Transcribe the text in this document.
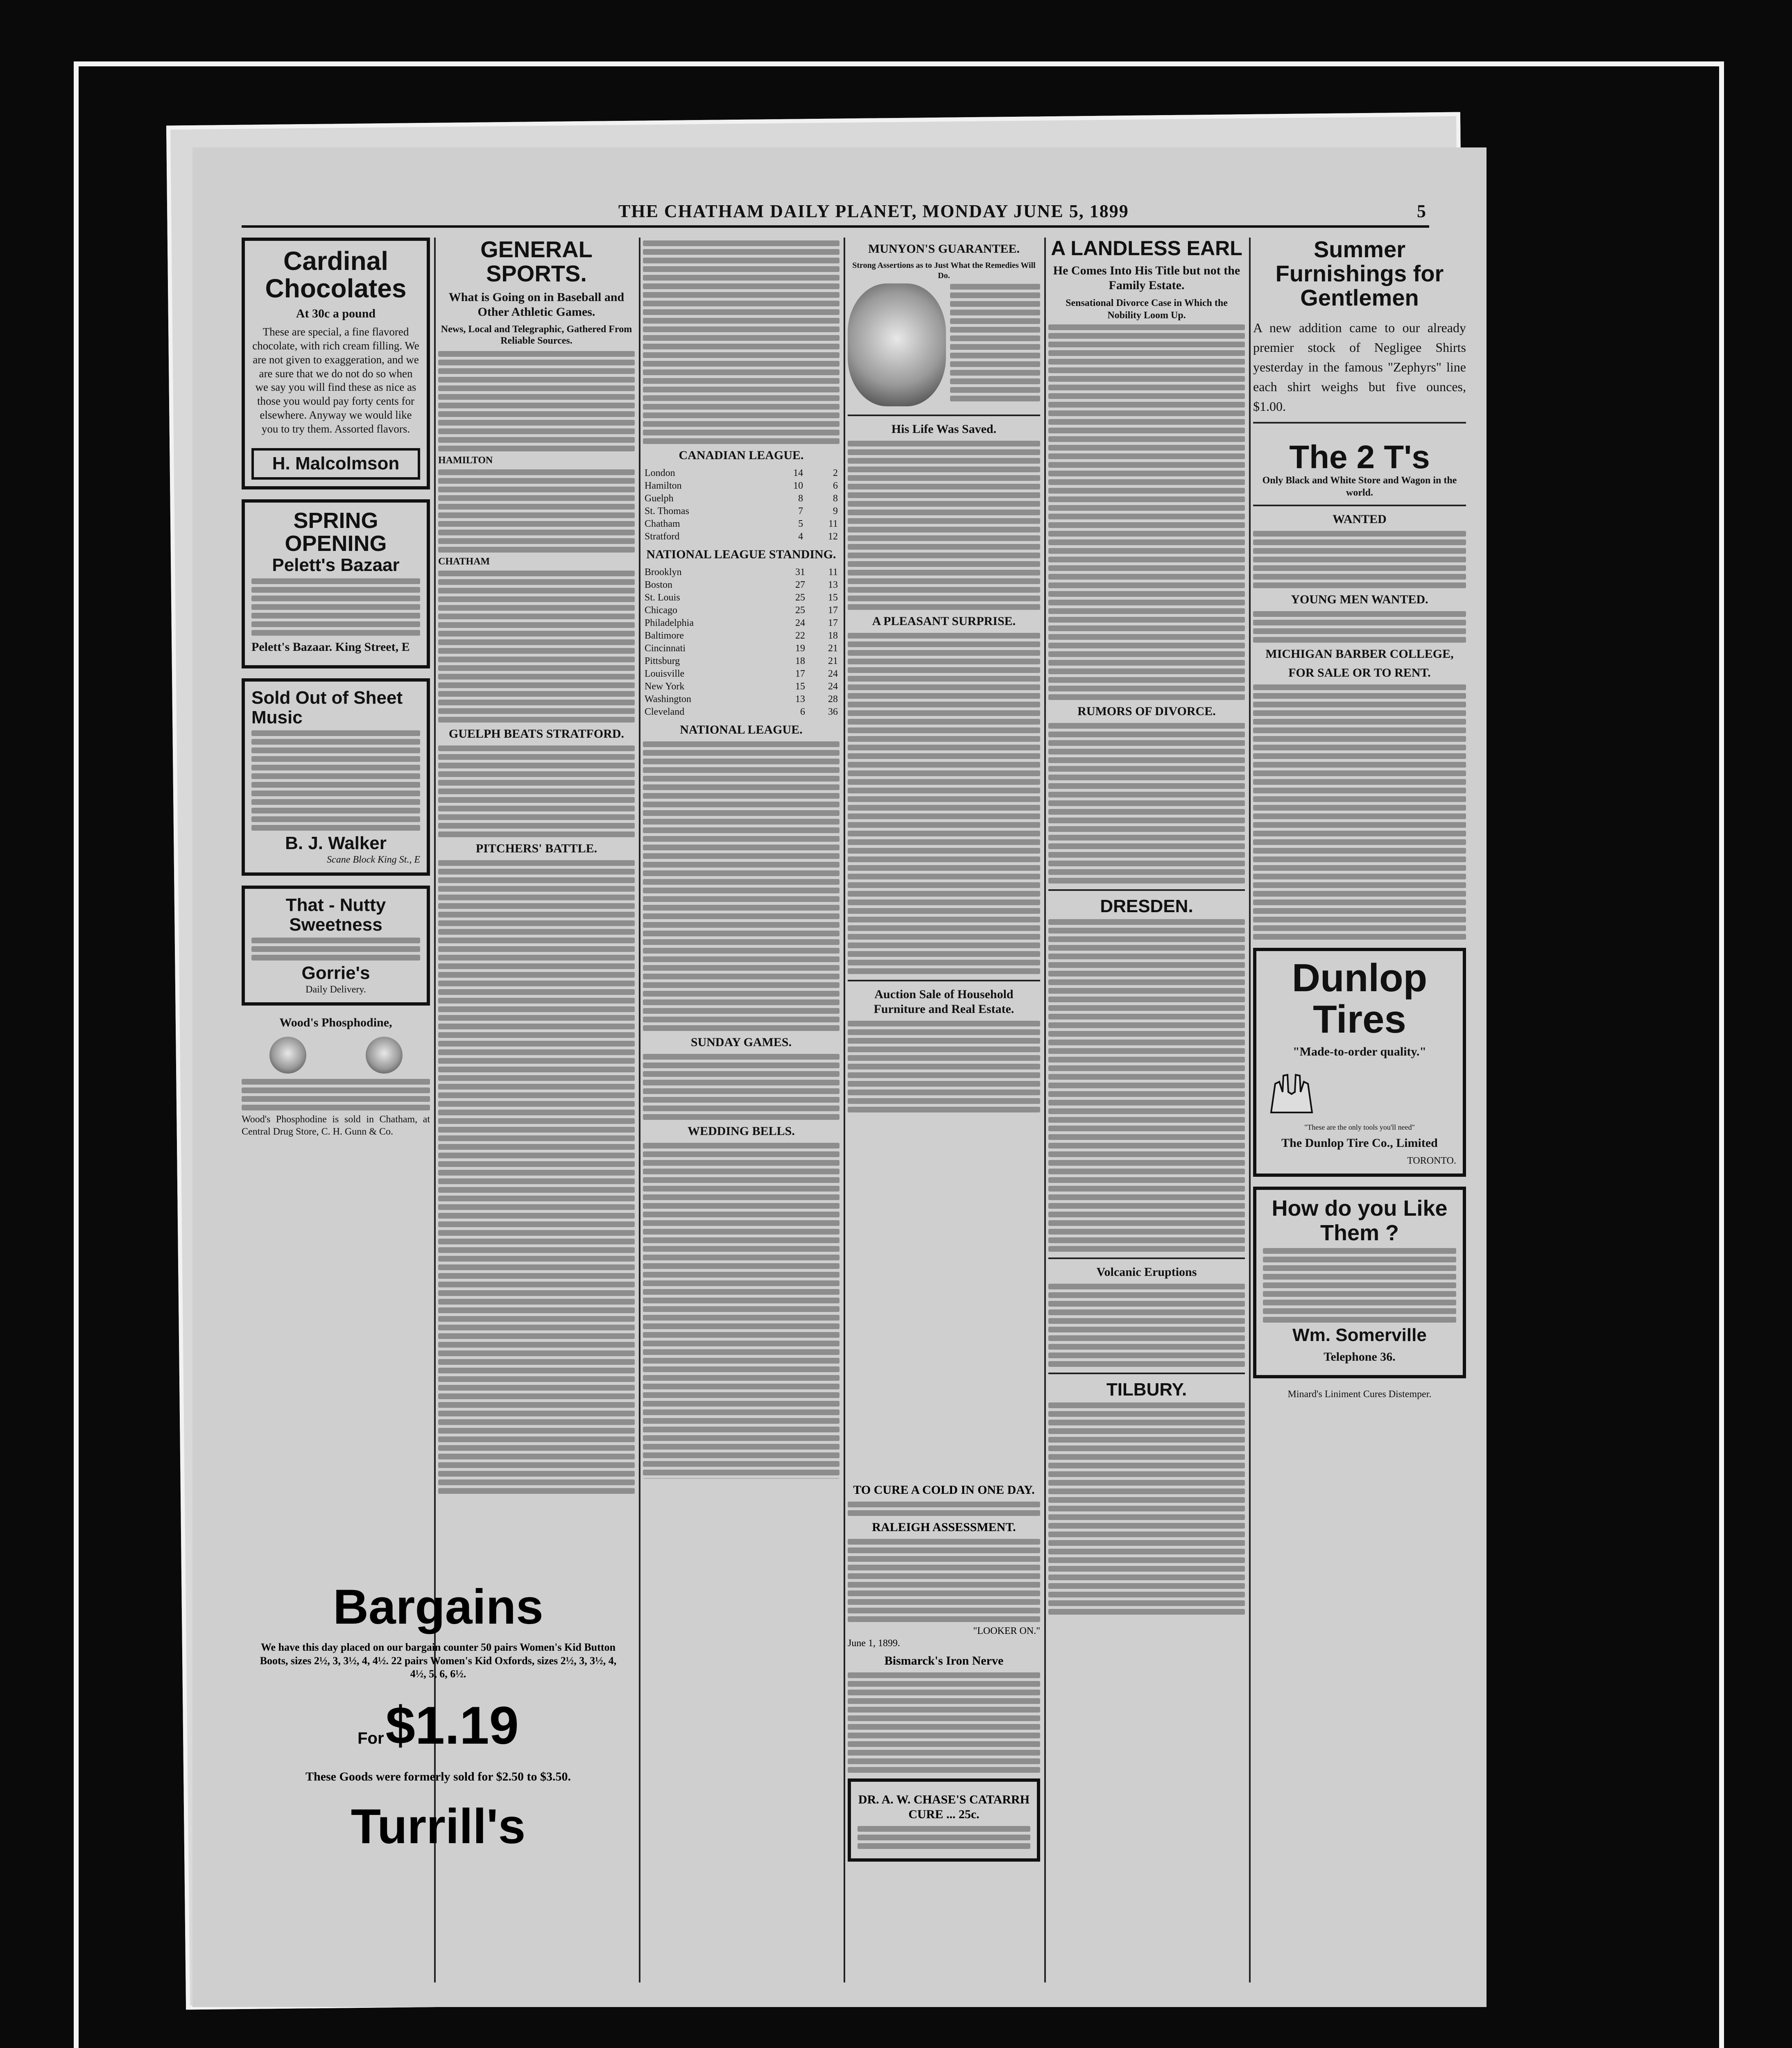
THE CHATHAM DAILY PLANET, MONDAY JUNE 5, 1899	5
Cardinal Chocolates
At 30c a pound
These are special, a fine flavored chocolate, with rich cream filling. We are not given to exaggeration, and we are sure that we do not do so when we say you will find these as nice as those you would pay forty cents for elsewhere. Anyway we would like you to try them. Assorted flavors.
H. Malcolmson
SPRING OPENING
Pelett's Bazaar
Pelett's Bazaar. King Street, E
Sold Out of Sheet Music
B. J. Walker
Scane Block King St., E
That - Nutty Sweetness
Gorrie's
Daily Delivery.
Wood's Phosphodine,
Wood's Phosphodine is sold in Chatham, at Central Drug Store, C. H. Gunn & Co.
GENERAL SPORTS.
What is Going on in Baseball and Other Athletic Games.
News, Local and Telegraphic, Gathered From Reliable Sources.
HAMILTON
CHATHAM
GUELPH BEATS STRATFORD.
PITCHERS' BATTLE.
CANADIAN LEAGUE.
London	14	2
Hamilton	10	6
Guelph	8	8
St. Thomas	7	9
Chatham	5	11
Stratford	4	12
NATIONAL LEAGUE STANDING.
Brooklyn	31	11
Boston	27	13
St. Louis	25	15
Chicago	25	17
Philadelphia	24	17
Baltimore	22	18
Cincinnati	19	21
Pittsburg	18	21
Louisville	17	24
New York	15	24
Washington	13	28
Cleveland	6	36
NATIONAL LEAGUE.
SUNDAY GAMES.
WEDDING BELLS.
MUNYON'S GUARANTEE.
Strong Assertions as to Just What the Remedies Will Do.
His Life Was Saved.
A PLEASANT SURPRISE.
Auction Sale of Household Furniture and Real Estate.
A LANDLESS EARL
He Comes Into His Title but not the Family Estate.
Sensational Divorce Case in Which the Nobility Loom Up.
RUMORS OF DIVORCE.
DRESDEN.
Volcanic Eruptions
TILBURY.
Summer Furnishings for Gentlemen
A new addition came to our already premier stock of Negligee Shirts yesterday in the famous "Zephyrs" line each shirt weighs but five ounces, $1.00.
The 2 T's
Only Black and White Store and Wagon in the world.
WANTED
YOUNG MEN WANTED.
MICHIGAN BARBER COLLEGE,
FOR SALE OR TO RENT.
Dunlop Tires
"Made-to-order quality."
"These are the only tools you'll need"
The Dunlop Tire Co., Limited
TORONTO.
How do you Like Them ?
Wm. Somerville
Telephone 36.
Minard's Liniment Cures Distemper.
Bargains
We have this day placed on our bargain counter 50 pairs Women's Kid Button Boots, sizes 2½, 3, 3½, 4, 4½. 22 pairs Women's Kid Oxfords, sizes 2½, 3, 3½, 4, 4½, 5, 6, 6½.
For $1.19
These Goods were formerly sold for $2.50 to $3.50.
Turrill's
TO CURE A COLD IN ONE DAY.
RALEIGH ASSESSMENT.
"LOOKER ON."
June 1, 1899.
Bismarck's Iron Nerve
DR. A. W. CHASE'S CATARRH CURE ... 25c.
